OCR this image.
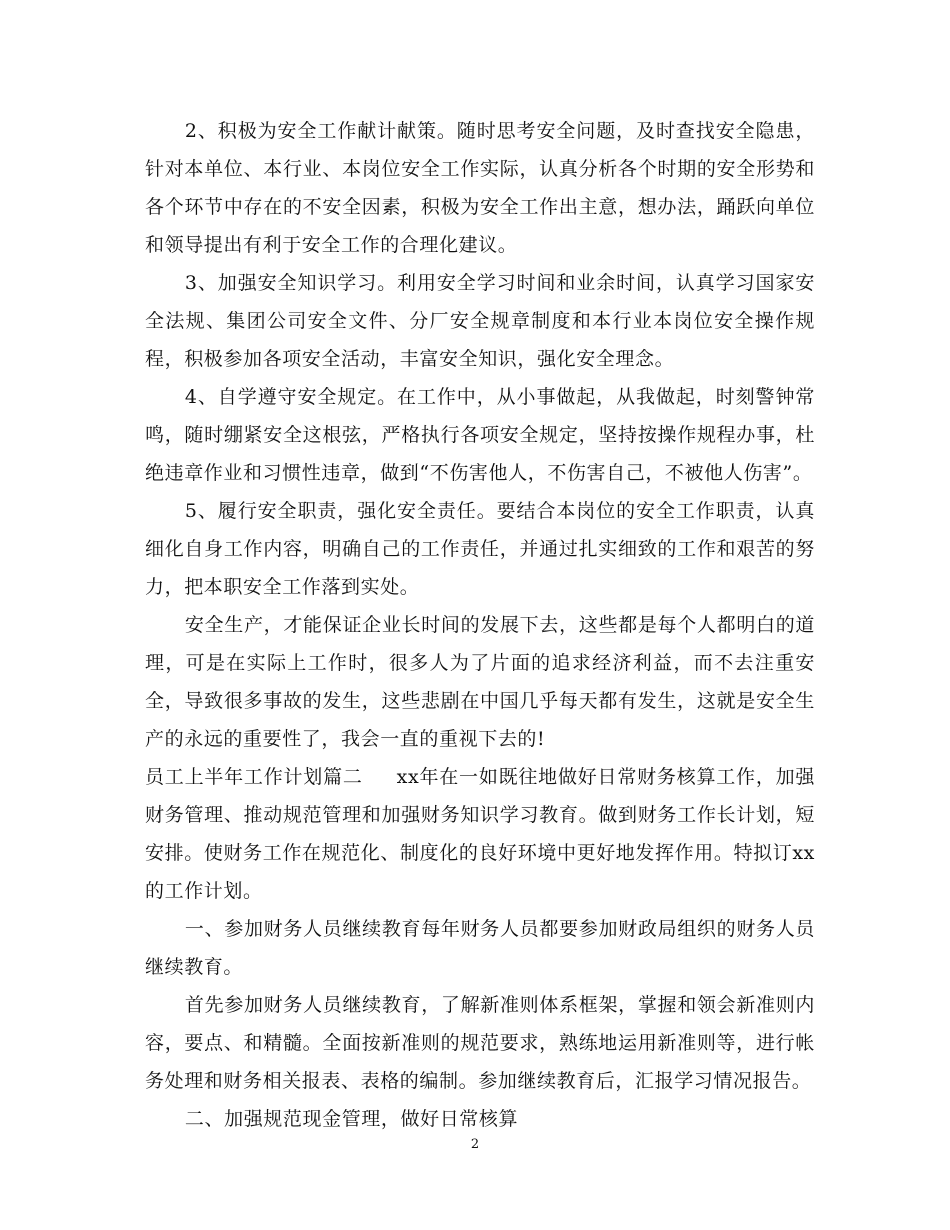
2、积极为安全工作献计献策。随时思考安全问题，及时查找安全隐患，针对本单位、本行业、本岗位安全工作实际，认真分析各个时期的安全形势和各个环节中存在的不安全因素，积极为安全工作出主意，想办法，踊跃向单位和领导提出有利于安全工作的合理化建议。

3、加强安全知识学习。利用安全学习时间和业余时间，认真学习国家安全法规、集团公司安全文件、分厂安全规章制度和本行业本岗位安全操作规程，积极参加各项安全活动，丰富安全知识，强化安全理念。

4、自学遵守安全规定。在工作中，从小事做起，从我做起，时刻警钟常鸣，随时绷紧安全这根弦，严格执行各项安全规定，坚持按操作规程办事，杜绝违章作业和习惯性违章，做到“不伤害他人，不伤害自己，不被他人伤害”。

5、履行安全职责，强化安全责任。要结合本岗位的安全工作职责，认真细化自身工作内容，明确自己的工作责任，并通过扎实细致的工作和艰苦的努力，把本职安全工作落到实处。

安全生产，才能保证企业长时间的发展下去，这些都是每个人都明白的道理，可是在实际上工作时，很多人为了片面的追求经济利益，而不去注重安全，导致很多事故的发生，这些悲剧在中国几乎每天都有发生，这就是安全生产的永远的重要性了，我会一直的重视下去的!

员工上半年工作计划篇二 xx年在一如既往地做好日常财务核算工作，加强财务管理、推动规范管理和加强财务知识学习教育。做到财务工作长计划，短安排。使财务工作在规范化、制度化的良好环境中更好地发挥作用。特拟订xx的工作计划。

一、参加财务人员继续教育每年财务人员都要参加财政局组织的财务人员继续教育。

首先参加财务人员继续教育，了解新准则体系框架，掌握和领会新准则内容，要点、和精髓。全面按新准则的规范要求，熟练地运用新准则等，进行帐务处理和财务相关报表、表格的编制。参加继续教育后，汇报学习情况报告。

二、加强规范现金管理，做好日常核算

2
